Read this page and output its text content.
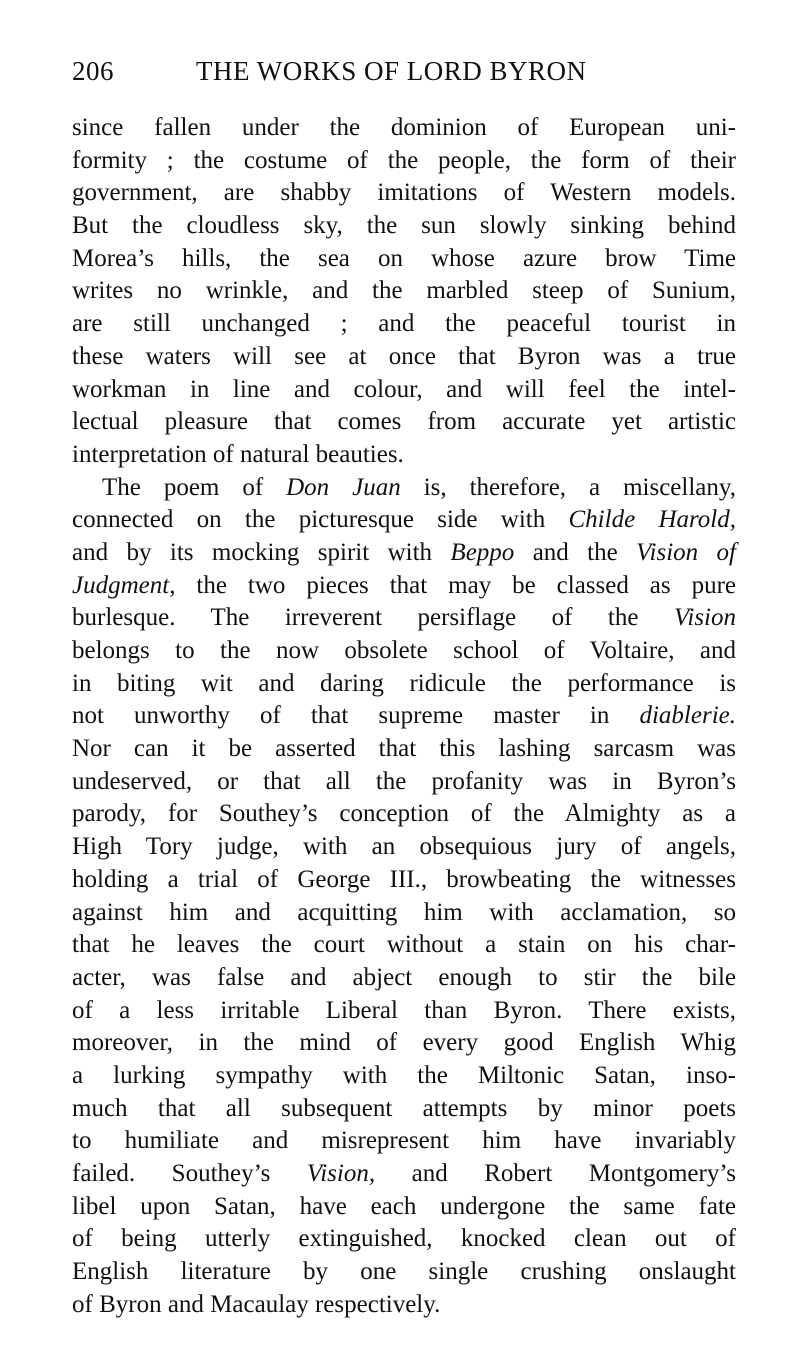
206	THE WORKS OF LORD BYRON
since fallen under the dominion of European uni-
formity ; the costume of the people, the form of their
government, are shabby imitations of Western models.
But the cloudless sky, the sun slowly sinking behind
Morea’s hills, the sea on whose azure brow Time
writes no wrinkle, and the marbled steep of Sunium,
are still unchanged ; and the peaceful tourist in
these waters will see at once that Byron was a true
workman in line and colour, and will feel the intel-
lectual pleasure that comes from accurate yet artistic
interpretation of natural beauties.
The poem of Don Juan is, therefore, a miscellany,
connected on the picturesque side with Childe Harold,
and by its mocking spirit with Beppo and the Vision of
Judgment, the two pieces that may be classed as pure
burlesque. The irreverent persiflage of the Vision
belongs to the now obsolete school of Voltaire, and
in biting wit and daring ridicule the performance is
not unworthy of that supreme master in diablerie.
Nor can it be asserted that this lashing sarcasm was
undeserved, or that all the profanity was in Byron’s
parody, for Southey’s conception of the Almighty as a
High Tory judge, with an obsequious jury of angels,
holding a trial of George III., browbeating the witnesses
against him and acquitting him with acclamation, so
that he leaves the court without a stain on his char-
acter, was false and abject enough to stir the bile
of a less irritable Liberal than Byron. There exists,
moreover, in the mind of every good English Whig
a lurking sympathy with the Miltonic Satan, inso-
much that all subsequent attempts by minor poets
to humiliate and misrepresent him have invariably
failed. Southey’s Vision, and Robert Montgomery’s
libel upon Satan, have each undergone the same fate
of being utterly extinguished, knocked clean out of
English literature by one single crushing onslaught
of Byron and Macaulay respectively.
